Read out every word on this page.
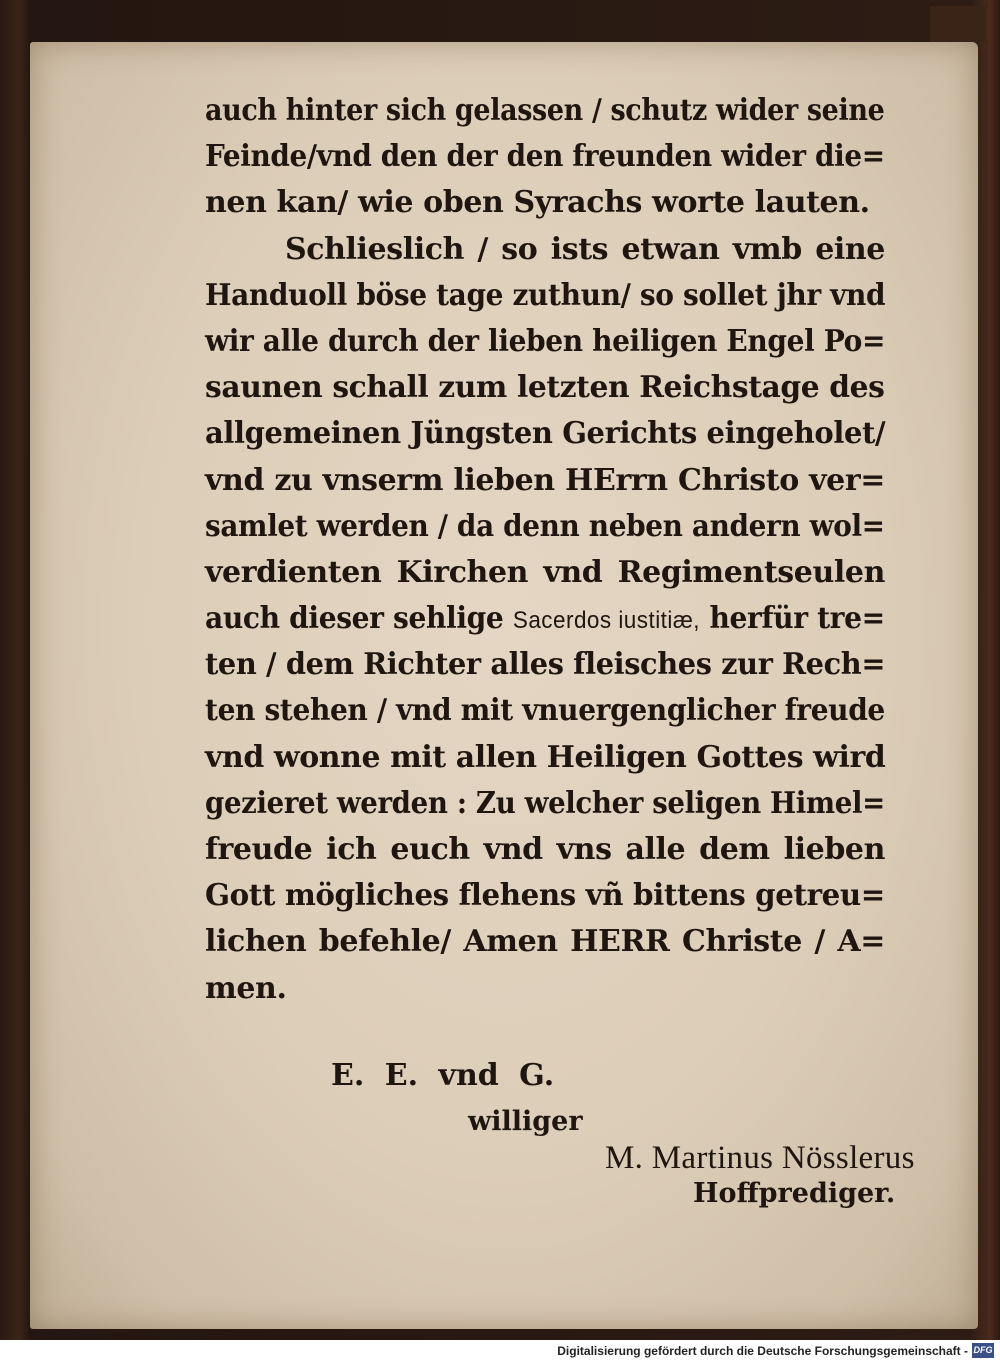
auch hinter sich gelassen / schutz wider seine
Feinde/vnd den der den freunden wider die=
nen kan/ wie oben Syrachs worte lauten.
Schlieslich / so ists etwan vmb eine
Handuoll böse tage zuthun/ so sollet jhr vnd
wir alle durch der lieben heiligen Engel Po=
saunen schall zum letzten Reichstage des
allgemeinen Jüngsten Gerichts eingeholet/
vnd zu vnserm lieben HErrn Christo ver=
samlet werden / da denn neben andern wol=
verdienten Kirchen vnd Regimentseulen
auch dieser sehlige Sacerdos iustitiæ, herfür tre=
ten / dem Richter alles fleisches zur Rech=
ten stehen / vnd mit vnuergenglicher freude
vnd wonne mit allen Heiligen Gottes wird
gezieret werden : Zu welcher seligen Himel=
freude ich euch vnd vns alle dem lieben
Gott mögliches flehens vñ bittens getreu=
lichen befehle/ Amen HERR Christe / A=
men.
E. E. vnd G.
williger
M. Martinus Nösslerus
Hoffprediger.
Digitalisierung gefördert durch die Deutsche Forschungsgemeinschaft - DFG
